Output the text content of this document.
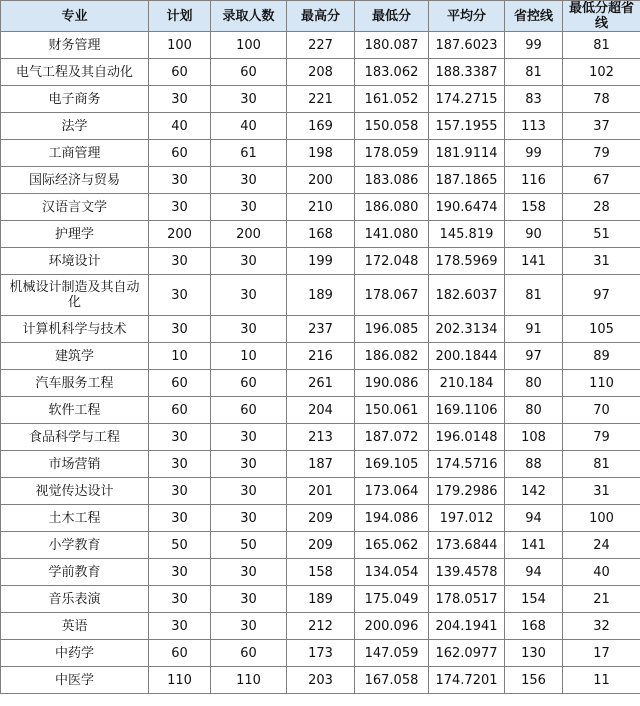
专业	计划	录取人数	最高分	最低分	平均分	省控线	最低分超省线
财务管理	100	100	227	180.087	187.6023	99	81
电气工程及其自动化	60	60	208	183.062	188.3387	81	102
电子商务	30	30	221	161.052	174.2715	83	78
法学	40	40	169	150.058	157.1955	113	37
工商管理	60	61	198	178.059	181.9114	99	79
国际经济与贸易	30	30	200	183.086	187.1865	116	67
汉语言文学	30	30	210	186.080	190.6474	158	28
护理学	200	200	168	141.080	145.819	90	51
环境设计	30	30	199	172.048	178.5969	141	31
机械设计制造及其自动化	30	30	189	178.067	182.6037	81	97
计算机科学与技术	30	30	237	196.085	202.3134	91	105
建筑学	10	10	216	186.082	200.1844	97	89
汽车服务工程	60	60	261	190.086	210.184	80	110
软件工程	60	60	204	150.061	169.1106	80	70
食品科学与工程	30	30	213	187.072	196.0148	108	79
市场营销	30	30	187	169.105	174.5716	88	81
视觉传达设计	30	30	201	173.064	179.2986	142	31
土木工程	30	30	209	194.086	197.012	94	100
小学教育	50	50	209	165.062	173.6844	141	24
学前教育	30	30	158	134.054	139.4578	94	40
音乐表演	30	30	189	175.049	178.0517	154	21
英语	30	30	212	200.096	204.1941	168	32
中药学	60	60	173	147.059	162.0977	130	17
中医学	110	110	203	167.058	174.7201	156	11
